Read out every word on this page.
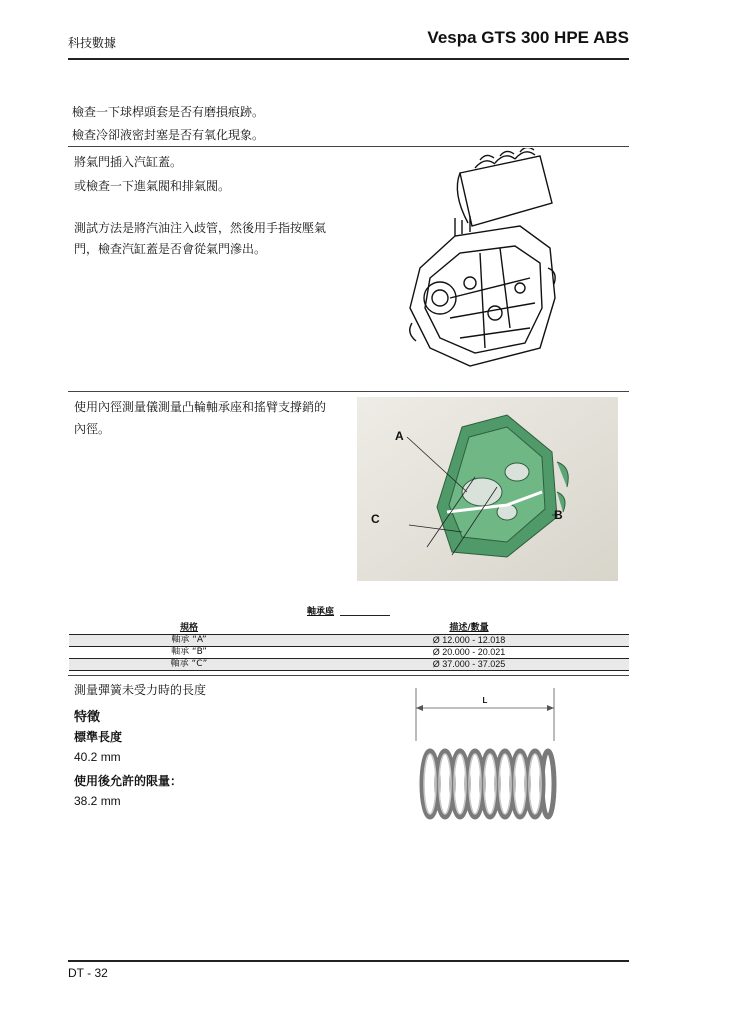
科技數據	Vespa GTS 300 HPE ABS
檢查一下球桿頭套是否有磨損痕跡。
檢查冷卻液密封塞是否有氧化現象。
將氣門插入汽缸蓋。
或檢查一下進氣閥和排氣閥。
測試方法是將汽油注入歧管，然後用手指按壓氣
門，檢查汽缸蓋是否會從氣門滲出。
使用內徑測量儀測量凸輪軸承座和搖臂支撐銷的
內徑。	A
B
C
軸承座
規格	描述/數量
軸承 “A”	Ø 12.000 - 12.018
軸承 “B”	Ø 20.000 - 20.021
軸承 “C”	Ø 37.000 - 37.025
測量彈簧未受力時的長度
特徵
標準長度
40.2 mm
使用後允許的限量：
38.2 mm
L
DT - 32
